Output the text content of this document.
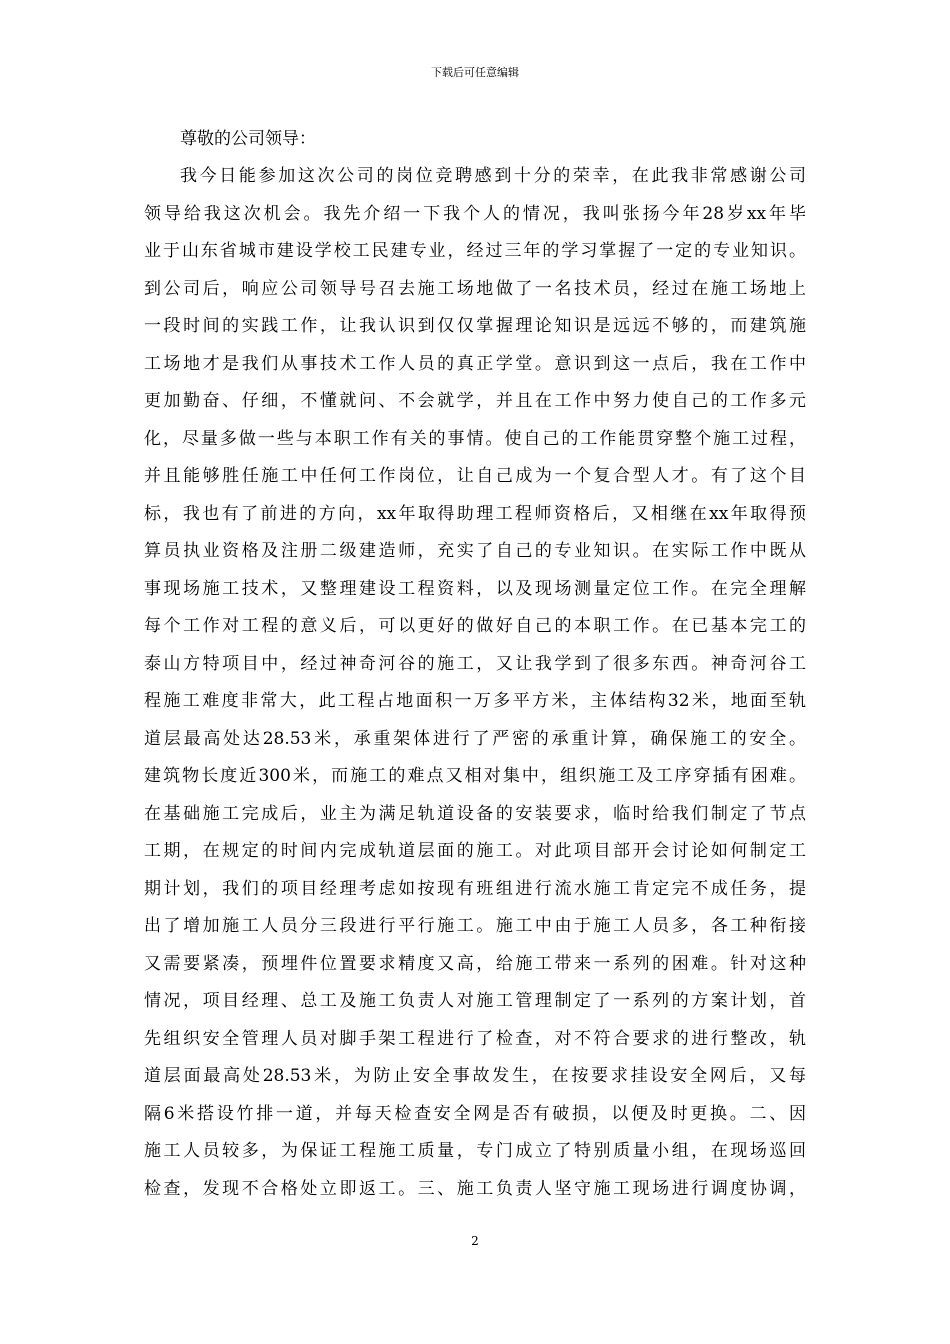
下载后可任意编辑

尊敬的公司领导：

我今日能参加这次公司的岗位竞聘感到十分的荣幸，在此我非常感谢公司

领导给我这次机会。我先介绍一下我个人的情况，我叫张扬今年28岁xx年毕

业于山东省城市建设学校工民建专业，经过三年的学习掌握了一定的专业知识。

到公司后，响应公司领导号召去施工场地做了一名技术员，经过在施工场地上

一段时间的实践工作，让我认识到仅仅掌握理论知识是远远不够的，而建筑施

工场地才是我们从事技术工作人员的真正学堂。意识到这一点后，我在工作中

更加勤奋、仔细，不懂就问、不会就学，并且在工作中努力使自己的工作多元

化，尽量多做一些与本职工作有关的事情。使自己的工作能贯穿整个施工过程，

并且能够胜任施工中任何工作岗位，让自己成为一个复合型人才。有了这个目

标，我也有了前进的方向，xx年取得助理工程师资格后，又相继在xx年取得预

算员执业资格及注册二级建造师，充实了自己的专业知识。在实际工作中既从

事现场施工技术，又整理建设工程资料，以及现场测量定位工作。在完全理解

每个工作对工程的意义后，可以更好的做好自己的本职工作。在已基本完工的

泰山方特项目中，经过神奇河谷的施工，又让我学到了很多东西。神奇河谷工

程施工难度非常大，此工程占地面积一万多平方米，主体结构32米，地面至轨

道层最高处达28.53米，承重架体进行了严密的承重计算，确保施工的安全。

建筑物长度近300米，而施工的难点又相对集中，组织施工及工序穿插有困难。

在基础施工完成后，业主为满足轨道设备的安装要求，临时给我们制定了节点

工期，在规定的时间内完成轨道层面的施工。对此项目部开会讨论如何制定工

期计划，我们的项目经理考虑如按现有班组进行流水施工肯定完不成任务，提

出了增加施工人员分三段进行平行施工。施工中由于施工人员多，各工种衔接

又需要紧凑，预埋件位置要求精度又高，给施工带来一系列的困难。针对这种

情况，项目经理、总工及施工负责人对施工管理制定了一系列的方案计划，首

先组织安全管理人员对脚手架工程进行了检查，对不符合要求的进行整改，轨

道层面最高处28.53米，为防止安全事故发生，在按要求挂设安全网后，又每

隔6米搭设竹排一道，并每天检查安全网是否有破损，以便及时更换。二、因

施工人员较多，为保证工程施工质量，专门成立了特别质量小组，在现场巡回

检查，发现不合格处立即返工。三、施工负责人坚守施工现场进行调度协调，

2
